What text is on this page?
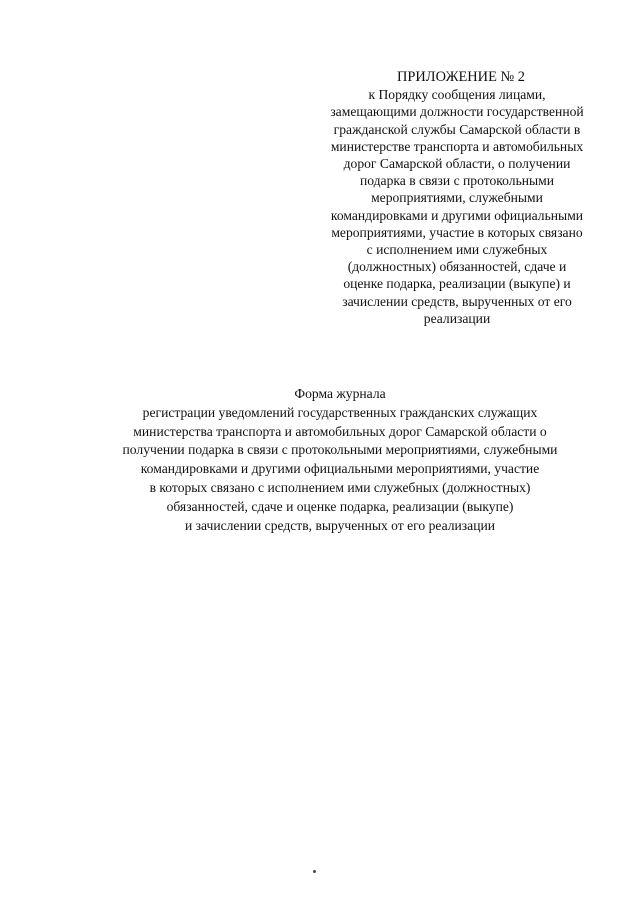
ПРИЛОЖЕНИЕ № 2
к Порядку сообщения лицами,
замещающими должности государственной
гражданской службы Самарской области в
министерстве транспорта и автомобильных
дорог Самарской области, о получении
подарка в связи с протокольными
мероприятиями, служебными
командировками и другими официальными
мероприятиями, участие в которых связано
с исполнением ими служебных
(должностных) обязанностей, сдаче и
оценке подарка, реализации (выкупе) и
зачислении средств, вырученных от его
реализации
Форма журнала
регистрации уведомлений государственных гражданских служащих
министерства транспорта и автомобильных дорог Самарской области о
получении подарка в связи с протокольными мероприятиями, служебными
командировками и другими официальными мероприятиями, участие
в которых связано с исполнением ими служебных (должностных)
обязанностей, сдаче и оценке подарка, реализации (выкупе)
и зачислении средств, вырученных от его реализации
